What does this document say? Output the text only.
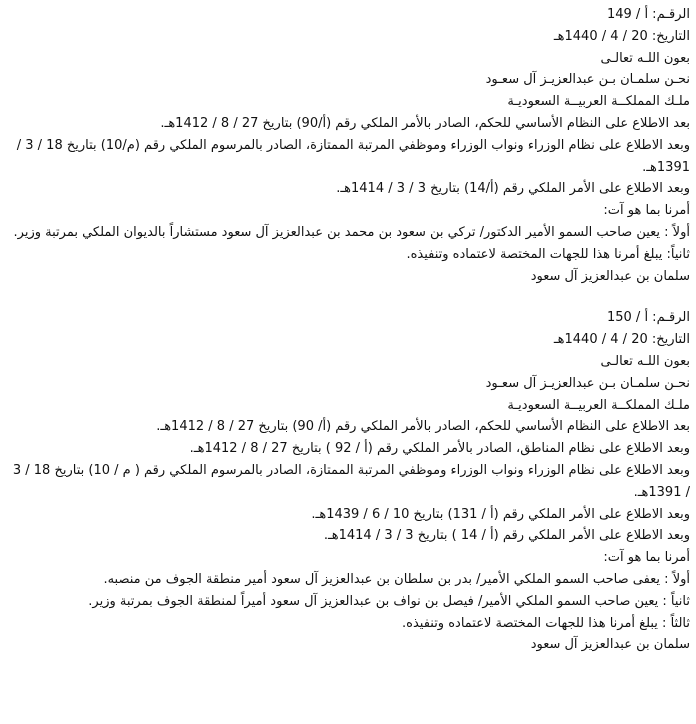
الرقـم: أ / 149

التاريخ: 20 / 4 / 1440هـ

بعون اللـه تعالـى

نحـن سلمـان بـن عبدالعزيـز آل سعـود

ملـك المملكــة العربيــة السعوديـة

بعد الاطلاع على النظام الأساسي للحكم، الصادر بالأمر الملكي رقم (أ/90) بتاريخ 27 / 8 / 1412هـ.

وبعد الاطلاع على نظام الوزراء ونواب الوزراء وموظفي المرتبة الممتازة، الصادر بالمرسوم الملكي رقم (م/10) بتاريخ 18 / 3 / 1391هـ.

وبعد الاطلاع على الأمر الملكي رقم (أ/14) بتاريخ 3 / 3 / 1414هـ.

أمرنا بما هو آت:

أولاً : يعين صاحب السمو الأمير الدكتور/ تركي بن سعود بن محمد بن عبدالعزيز آل سعود مستشاراً بالديوان الملكي بمرتبة وزير.

ثانياً: يبلغ أمرنا هذا للجهات المختصة لاعتماده وتنفيذه.

سلمان بن عبدالعزيز آل سعود

الرقـم: أ / 150

التاريخ: 20 / 4 / 1440هـ

بعون اللـه تعالـى

نحـن سلمـان بـن عبدالعزيـز آل سعـود

ملـك المملكــة العربيــة السعوديـة

بعد الاطلاع على النظام الأساسي للحكم، الصادر بالأمر الملكي رقم (أ/ 90) بتاريخ 27 / 8 / 1412هـ.

وبعد الاطلاع على نظام المناطق، الصادر بالأمر الملكي رقم (أ / 92 ) بتاريخ 27 / 8 / 1412هـ.

وبعد الاطلاع على نظام الوزراء ونواب الوزراء وموظفي المرتبة الممتازة، الصادر بالمرسوم الملكي رقم ( م / 10) بتاريخ 18 / 3 / 1391هـ.

وبعد الاطلاع على الأمر الملكي رقم (أ / 131) بتاريخ 10 / 6 / 1439هـ.

وبعد الاطلاع على الأمر الملكي رقم (أ / 14 ) بتاريخ 3 / 3 / 1414هـ.

أمرنا بما هو آت:

أولاً : يعفى صاحب السمو الملكي الأمير/ بدر بن سلطان بن عبدالعزيز آل سعود أمير منطقة الجوف من منصبه.

ثانياً : يعين صاحب السمو الملكي الأمير/ فيصل بن نواف بن عبدالعزيز آل سعود أميراً لمنطقة الجوف بمرتبة وزير.

ثالثاً : يبلغ أمرنا هذا للجهات المختصة لاعتماده وتنفيذه.

سلمان بن عبدالعزيز آل سعود
